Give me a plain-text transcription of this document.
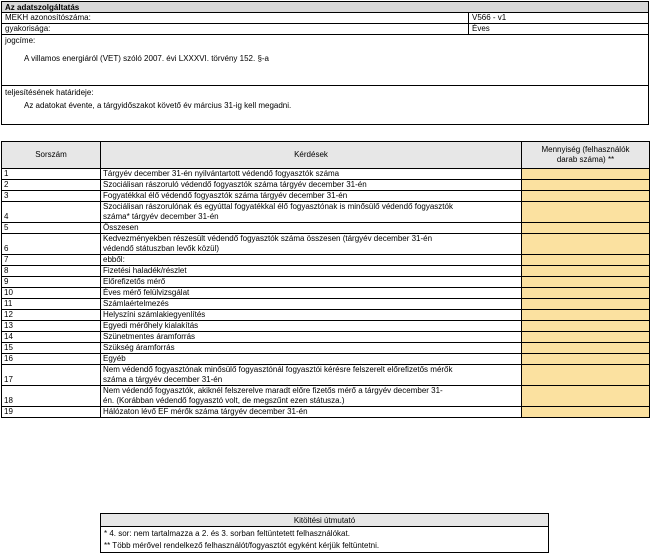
Az adatszolgáltatás
MEKH azonosítószáma:	V566 - v1
gyakorisága:	Éves
jogcíme:
A villamos energiáról (VET) szóló 2007. évi LXXXVI. törvény 152. §-a
teljesítésének határideje:
Az adatokat évente, a tárgyidőszakot követő év március 31-ig kell megadni.
Sorszám	Kérdések	Mennyiség (felhasználók
darab száma) **

1	Tárgyév december 31-én nyilvántartott védendő fogyasztók száma	

2	Szociálisan rászoruló védendő fogyasztók száma tárgyév december 31-én	

3	Fogyatékkal élő védendő fogyasztók száma tárgyév december 31-én	

4	Szociálisan rászorulónak és egyúttal fogyatékkal élő fogyasztónak is minősülő védendő fogyasztók
száma* tárgyév december 31-én	

5	Összesen	

6	Kedvezményekben részesült védendő fogyasztók száma összesen (tárgyév december 31-én
védendő státuszban levők közül)	

7	ebből:	

8	Fizetési haladék/részlet	

9	Előrefizetős mérő	

10	Éves mérő felülvizsgálat	

11	Számlaértelmezés	

12	Helyszíni számlakiegyenlítés	

13	Egyedi mérőhely kialakítás	

14	Szünetmentes áramforrás	

15	Szükség áramforrás	

16	Egyéb	

17	Nem védendő fogyasztónak minősülő fogyasztónál fogyasztói kérésre felszerelt előrefizetős mérők
száma a tárgyév december 31-én	

18	Nem védendő fogyasztók, akiknél felszerelve maradt előre fizetős mérő a tárgyév december 31-
én. (Korábban védendő fogyasztó volt, de megszűnt ezen státusza.)	

19	Hálózaton lévő EF mérők száma tárgyév december 31-én	

Kitöltési útmutató
* 4. sor: nem tartalmazza a 2. és 3. sorban feltüntetett felhasználókat.
** Több mérővel rendelkező felhasználót/fogyasztót egyként kérjük feltüntetni.
